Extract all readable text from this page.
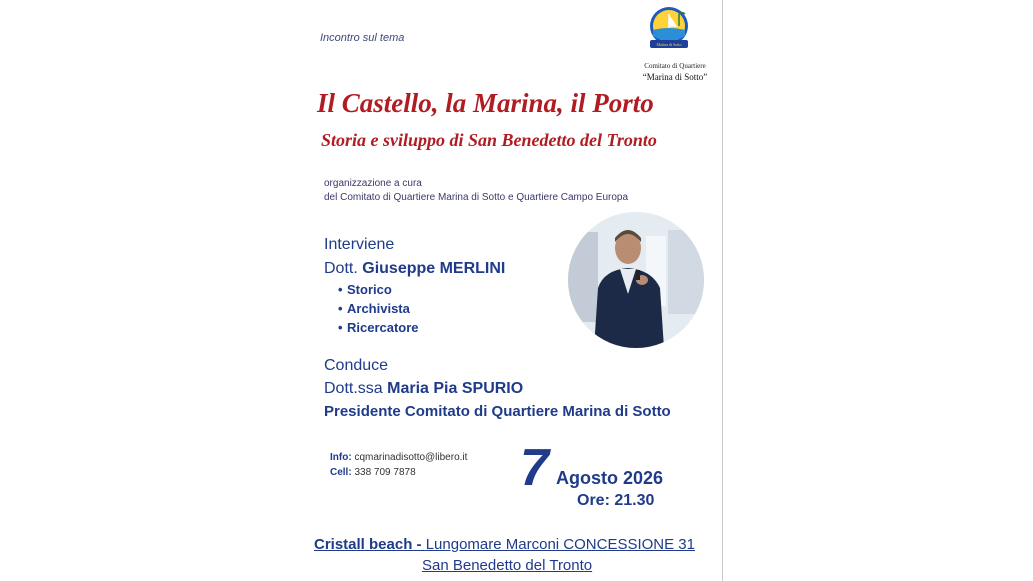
Incontro sul tema
Marina di Sotto
Comitato di Quartiere
“Marina di Sotto”
Il Castello, la Marina, il Porto
Storia e sviluppo di San Benedetto del Tronto
organizzazione a cura
del Comitato di Quartiere Marina di Sotto e Quartiere Campo Europa
Interviene
Dott. Giuseppe MERLINI
• Storico
• Archivista
• Ricercatore
Conduce
Dott.ssa Maria Pia SPURIO
Presidente Comitato di Quartiere Marina di Sotto
Info: cqmarinadisotto@libero.it
Cell: 338 709 7878 7 Agosto 2026
Ore: 21.30
Cristall beach - Lungomare Marconi CONCESSIONE 31
San Benedetto del Tronto
